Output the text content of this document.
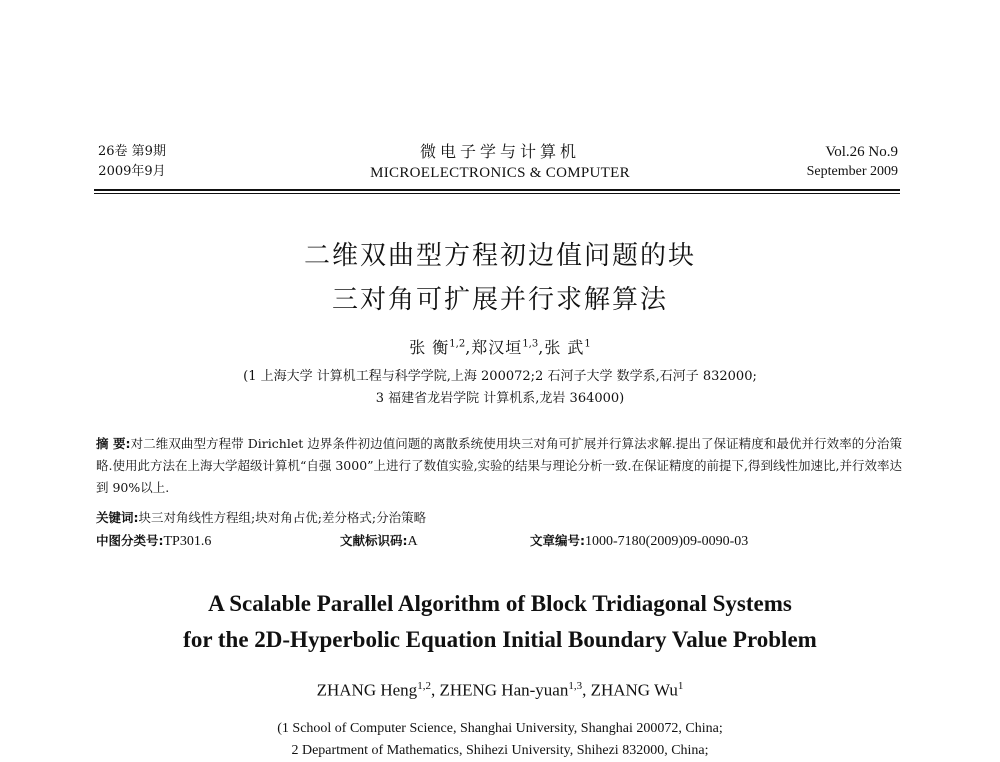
26卷 第9期
2009年9月
微电子学与计算机
MICROELECTRONICS & COMPUTER
Vol.26 No.9
September 2009
二维双曲型方程初边值问题的块
三对角可扩展并行求解算法
张 衡$^{1,2}$,郑汉垣$^{1,3}$,张 武$^1$
(1 上海大学 计算机工程与科学学院,上海 200072;2 石河子大学 数学系,石河子 832000;
3 福建省龙岩学院 计算机系,龙岩 364000)
摘 要:对二维双曲型方程带 Dirichlet 边界条件初边值问题的离散系统使用块三对角可扩展并行算法求解.提出了保证精度和最优并行效率的分治策略.使用此方法在上海大学超级计算机“自强 3000”上进行了数值实验,实验的结果与理论分析一致.在保证精度的前提下,得到线性加速比,并行效率达到 90%以上.
关键词:块三对角线性方程组;块对角占优;差分格式;分治策略
中图分类号:TP301.6	文献标识码:A	文章编号:1000-7180(2009)09-0090-03
A Scalable Parallel Algorithm of Block Tridiagonal Systems
for the 2D-Hyperbolic Equation Initial Boundary Value Problem
ZHANG Heng$^{1,2}$, ZHENG Han-yuan$^{1,3}$, ZHANG Wu$^1$
(1 School of Computer Science, Shanghai University, Shanghai 200072, China;
2 Department of Mathematics, Shihezi University, Shihezi 832000, China;
